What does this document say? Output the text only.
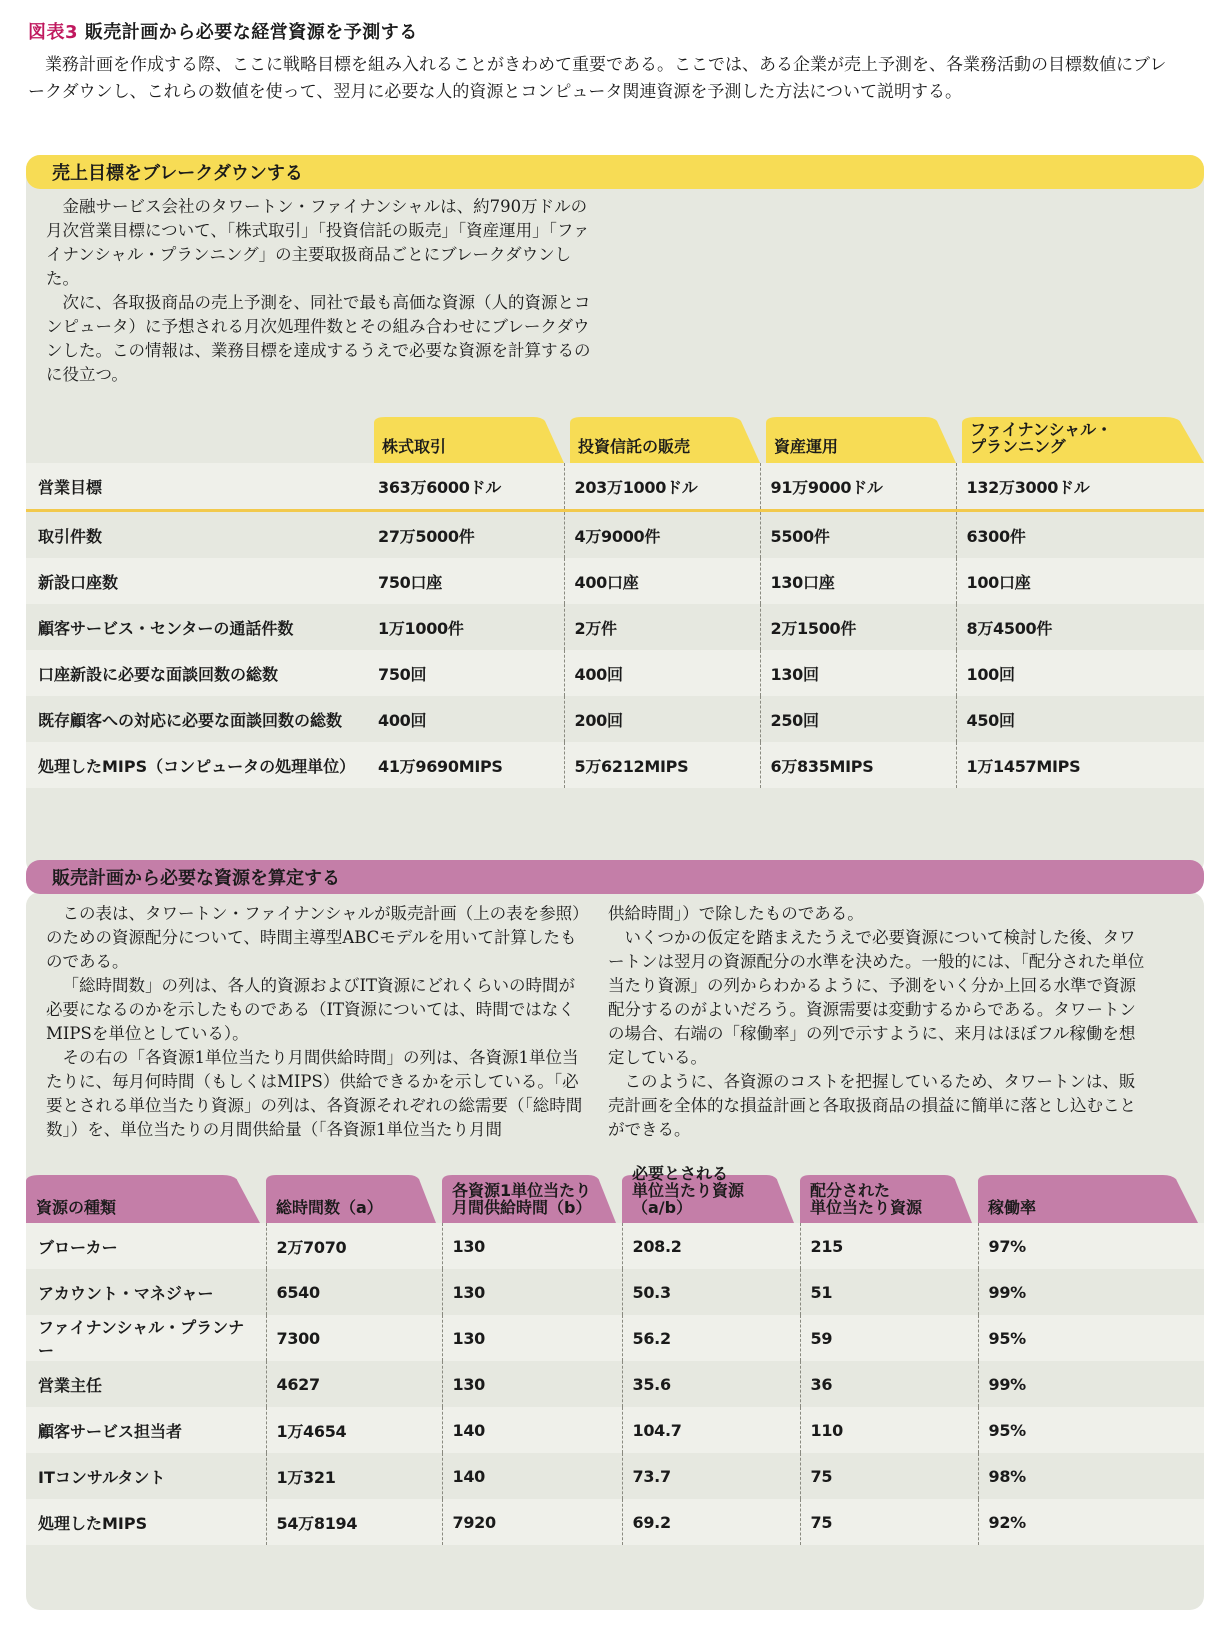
図表3 販売計画から必要な経営資源を予測する

業務計画を作成する際、ここに戦略目標を組み入れることがきわめて重要である。ここでは、ある企業が売上予測を、各業務活動の目標数値にブレークダウンし、これらの数値を使って、翌月に必要な人的資源とコンピュータ関連資源を予測した方法について説明する。

売上目標をブレークダウンする

金融サービス会社のタワートン・ファイナンシャルは、約790万ドルの月次営業目標について、「株式取引」「投資信託の販売」「資産運用」「ファイナンシャル・プランニング」の主要取扱商品ごとにブレークダウンした。

次に、各取扱商品の売上予測を、同社で最も高価な資源（人的資源とコンピュータ）に予想される月次処理件数とその組み合わせにブレークダウンした。この情報は、業務目標を達成するうえで必要な資源を計算するのに役立つ。

	株式取引	投資信託の販売	資産運用	ファイナンシャル・
プランニング

営業目標	363万6000ドル	203万1000ドル	91万9000ドル	132万3000ドル
取引件数	27万5000件	4万9000件	5500件	6300件
新設口座数	750口座	400口座	130口座	100口座
顧客サービス・センターの通話件数	1万1000件	2万件	2万1500件	8万4500件
口座新設に必要な面談回数の総数	750回	400回	130回	100回
既存顧客への対応に必要な面談回数の総数	400回	200回	250回	450回
処理したMIPS（コンピュータの処理単位）	41万9690MIPS	5万6212MIPS	6万835MIPS	1万1457MIPS
販売計画から必要な資源を算定する

この表は、タワートン・ファイナンシャルが販売計画（上の表を参照）のための資源配分について、時間主導型ABCモデルを用いて計算したものである。

「総時間数」の列は、各人的資源およびIT資源にどれくらいの時間が必要になるのかを示したものである（IT資源については、時間ではなくMIPSを単位としている）。

その右の「各資源1単位当たり月間供給時間」の列は、各資源1単位当たりに、毎月何時間（もしくはMIPS）供給できるかを示している。「必要とされる単位当たり資源」の列は、各資源それぞれの総需要（「総時間数」）を、単位当たりの月間供給量（「各資源1単位当たり月間

供給時間」）で除したものである。

いくつかの仮定を踏まえたうえで必要資源について検討した後、タワートンは翌月の資源配分の水準を決めた。一般的には、「配分された単位当たり資源」の列からわかるように、予測をいく分か上回る水準で資源配分するのがよいだろう。資源需要は変動するからである。タワートンの場合、右端の「稼働率」の列で示すように、来月はほぼフル稼働を想定している。

このように、各資源のコストを把握しているため、タワートンは、販売計画を全体的な損益計画と各取扱商品の損益に簡単に落とし込むことができる。

資源の種類	総時間数（a）	各資源1単位当たり
月間供給時間（b）	必要とされる
単位当たり資源（a/b）	配分された
単位当たり資源	稼働率

ブローカー	2万7070	130	208.2	215	97%
アカウント・マネジャー	6540	130	50.3	51	99%
ファイナンシャル・プランナー	7300	130	56.2	59	95%
営業主任	4627	130	35.6	36	99%
顧客サービス担当者	1万4654	140	104.7	110	95%
ITコンサルタント	1万321	140	73.7	75	98%
処理したMIPS	54万8194	7920	69.2	75	92%
